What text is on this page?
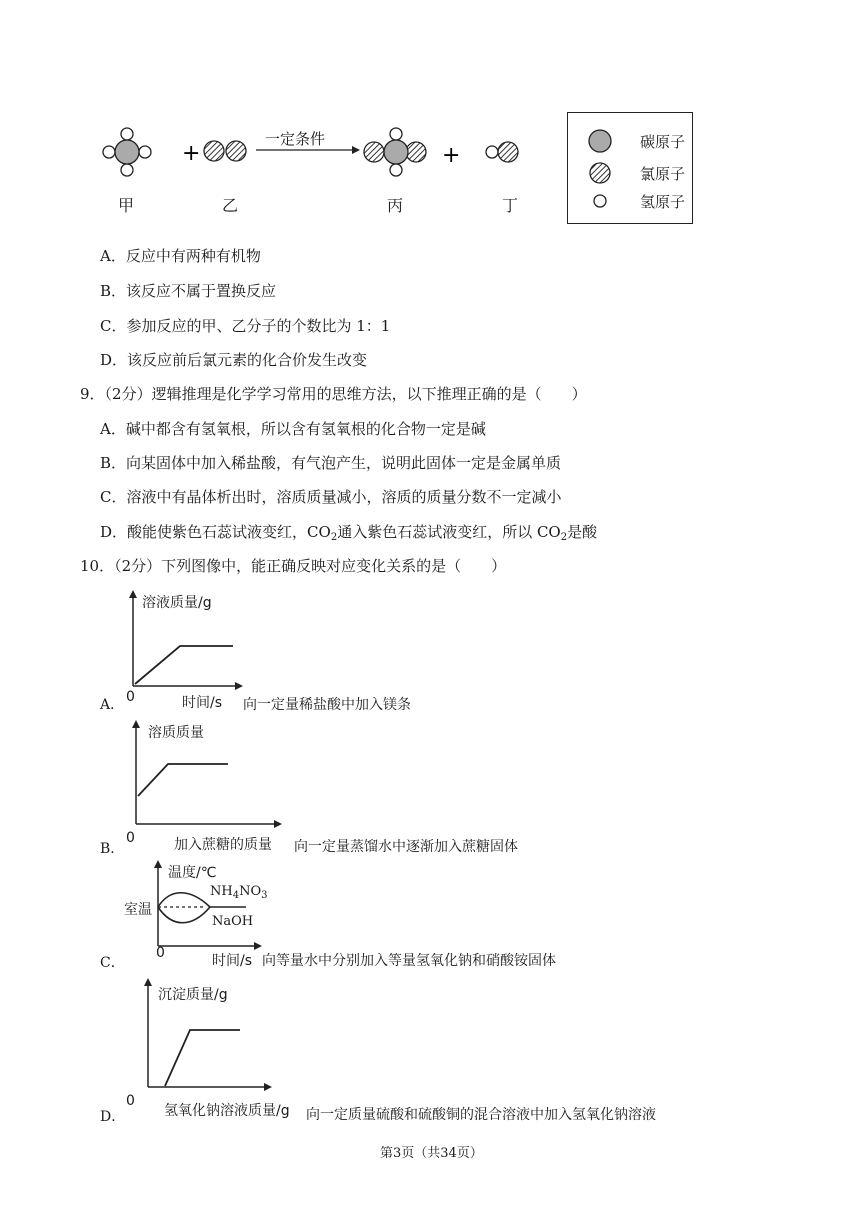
+	+
一定条件
甲	乙	丙	丁
碳原子
氯原子
氢原子
A．反应中有两种有机物
B．该反应不属于置换反应
C．参加反应的甲、乙分子的个数比为 1：1
D．该反应前后氯元素的化合价发生改变
9．（2分）逻辑推理是化学学习常用的思维方法，以下推理正确的是（　　）
A．碱中都含有氢氧根，所以含有氢氧根的化合物一定是碱
B．向某固体中加入稀盐酸，有气泡产生，说明此固体一定是金属单质
C．溶液中有晶体析出时，溶质质量减小，溶质的质量分数不一定减小
D．酸能使紫色石蕊试液变红，$CO_2$通入紫色石蕊试液变红，所以 $CO_2$是酸
10．（2分）下列图像中，能正确反映对应变化关系的是（　　）
溶液质量/g
0	时间/s
A．	向一定量稀盐酸中加入镁条
溶质质量
0	加入蔗糖的质量
B．	向一定量蒸馏水中逐渐加入蔗糖固体
温度/℃
室温
$NH_4NO_3$
NaOH
0	时间/s
C．	向等量水中分别加入等量氢氧化钠和硝酸铵固体
沉淀质量/g
0
氢氧化钠溶液质量/g
D．	向一定质量硫酸和硫酸铜的混合溶液中加入氢氧化钠溶液
第3页（共34页）
